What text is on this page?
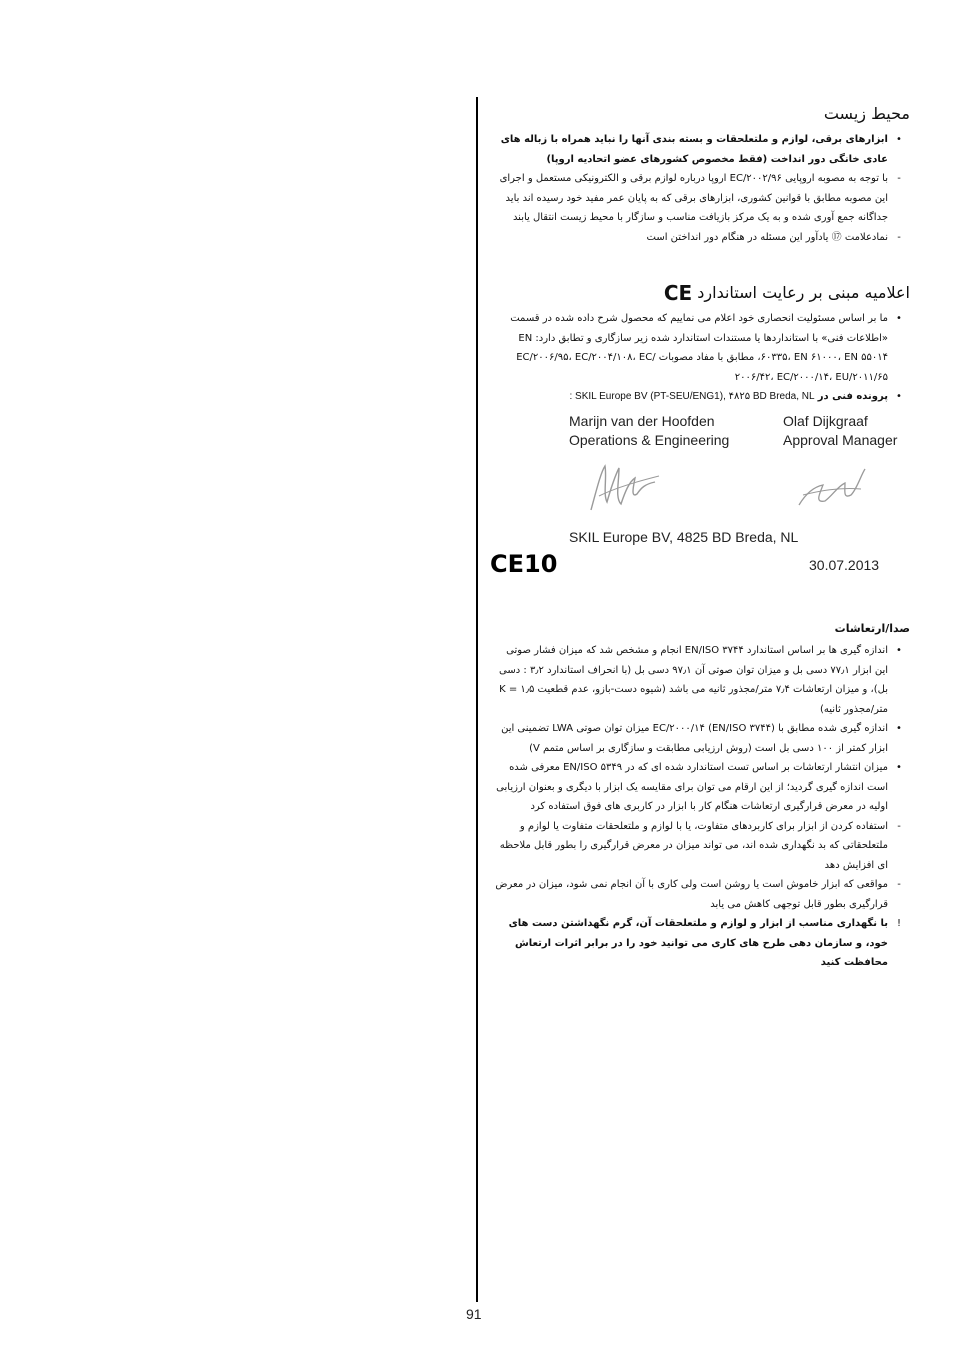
محیط زیست
•
ابزارهای برقی، لوازم و ملتعلحقات و بسته بندی آنها را نباید همراه با زباله های عادی خانگی دور انداخت (فقط مخصوص کشورهای عضو اتحادیه اروپا)
-
با توجه به مصوبه اروپایی EC/۲۰۰۲/۹۶ اروپا درباره لوازم برقی و الکترونیکی مستعمل و اجرای این مصوبه مطابق با قوانین کشوری، ابزارهای برقی که به پایان عمر مفید خود رسیده اند باید جداگانه جمع آوری شده و به یک مرکز بازیافت مناسب و سازگار با محیط زیست انتقال یابند
-
نمادعلامت ⑰ یادآور این مسئله در هنگام دور انداختن است
اعلامیه مبنی بر رعایت استاندارد CE
•
ما بر اساس مسئولیت انحصاری خود اعلام می نماییم که محصول شرح داده شده در قسمت «اطلاعات فنی» با استانداردها یا مستندات استاندارد شده زیر سازگاری و تطابق دارد: EN ۶۰۳۳۵، EN ۶۱۰۰۰، EN ۵۵۰۱۴، مطابق با مفاد مصوبات EC/۲۰۰۶/۹۵، EC/۲۰۰۴/۱۰۸، EC/۲۰۰۶/۴۲، EC/۲۰۰۰/۱۴، EU/۲۰۱۱/۶۵
•
پرونده فنی در SKIL Europe BV (PT-SEU/ENG1), ۴۸۲۵ BD Breda, NL :
Marijn van der Hoofden
Operations & Engineering
Olaf Dijkgraaf
Approval Manager
SKIL Europe BV, 4825 BD Breda, NL
CE10	30.07.2013
صدا/ارتعاشات
•
اندازه گیری ها بر اساس استاندارد EN/ISO ۳۷۴۴ انجام و مشخص شد که میزان فشار صوتی این ابزار ۷۷٫۱ دسی بل و میزان توان صوتی آن ۹۷٫۱ دسی بل (با انحراف استاندارد ۳٫۲ : دسی بل)، و میزان ارتعاشات ۷٫۴ متر/مجذور ثانیه می باشد (شیوه دست-بازو، عدم قطعیت K = ۱٫۵ متر/مجذور ثانیه)
•
اندازه گیری شده مطابق با EC/۲۰۰۰/۱۴ (EN/ISO ۳۷۴۴) میزان توان صوتی LWA تضمینی این ابزار کمتر از ۱۰۰ دسی بل است (روش ارزیابی مطابقت و سازگاری بر اساس متمم V)
•
میزان انتشار ارتعاشات بر اساس تست استاندارد شده ای که در EN/ISO ۵۳۴۹ معرفی شده است اندازه گیری گردید؛ از این ارقام می توان برای مقایسه یک ابزار با دیگری و بعنوان ارزیابی اولیه در معرض قرارگیری ارتعاشات هنگام کار با ابزار در کاربری های فوق استفاده کرد
-
استفاده کردن از ابزار برای کاربردهای متفاوت، یا با لوازم و ملتعلحقات متفاوت یا لوازم و ملتعلحقاتی که بد نگهداری شده اند، می تواند میزان در معرض قرارگیری را بطور قابل ملاحظه ای افزایش دهد
-
مواقعی که ابزار خاموش است یا روشن است ولی کاری با آن انجام نمی شود، میزان در معرض قرارگیری بطور قابل توجهی کاهش می یابد
!
با نگهداری مناسب از ابزار و لوازم و ملتعلحقات آن، گرم نگهداشتن دست های خود، و سازمان دهی طرح های کاری می توانید خود را در برابر اثرات ارتعاش محافظت کنید
91
